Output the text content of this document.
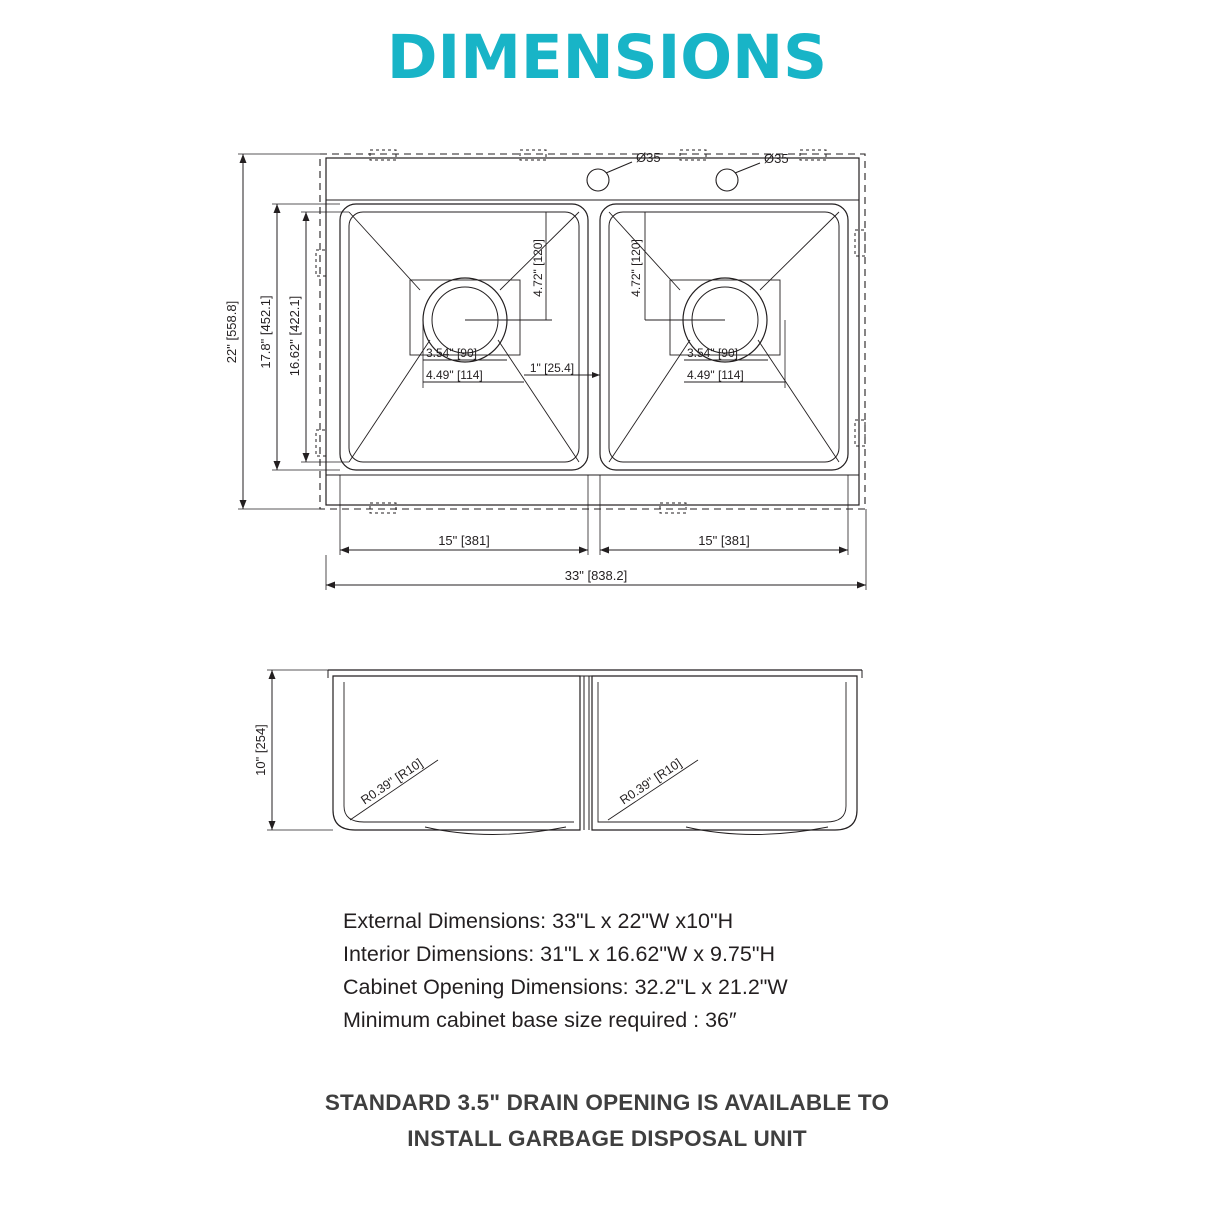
DIMENSIONS
22" [558.8] 17.8" [452.1] 16.62" [422.1]
15" [381]	15" [381]
33" [838.2]
1" [25.4]
Ø35	Ø35
4.72" [120]	4.72" [120]
3.54" [90]
4.49" [114]
3.54" [90]
4.49" [114]
10" [254]
R0.39" [R10]	R0.39" [R10]
External Dimensions: 33"L x 22"W x10"H
Interior Dimensions: 31"L x 16.62"W x 9.75"H
Cabinet Opening Dimensions: 32.2"L x 21.2"W
Minimum cabinet base size required : 36″
STANDARD 3.5" DRAIN OPENING IS AVAILABLE TO
INSTALL GARBAGE DISPOSAL UNIT
